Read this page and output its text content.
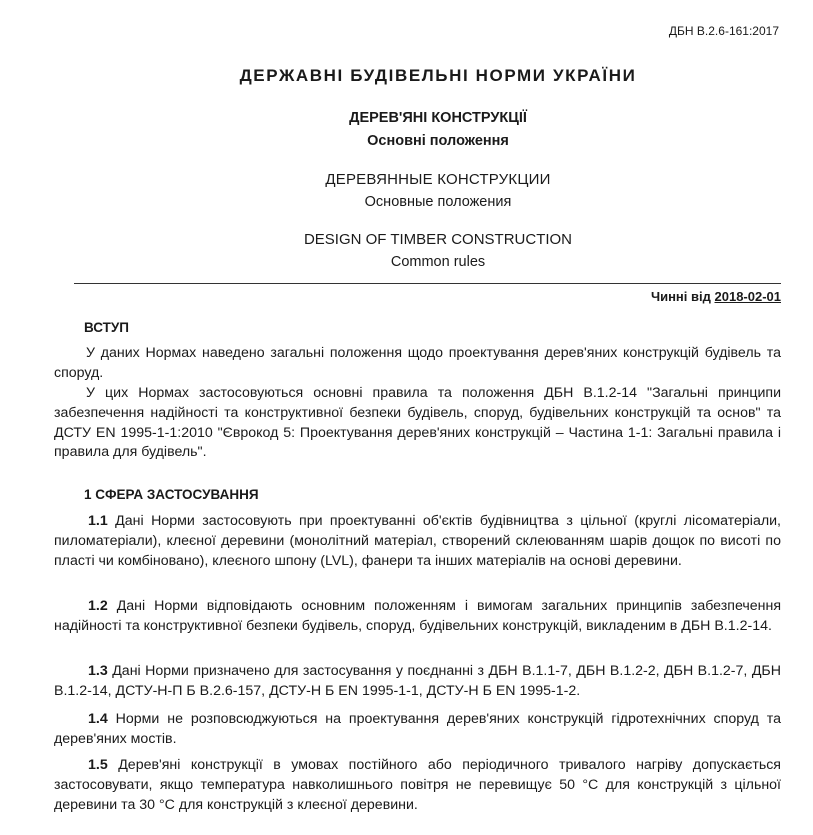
ДБН В.2.6-161:2017
ДЕРЖАВНІ БУДІВЕЛЬНІ НОРМИ УКРАЇНИ
ДЕРЕВ'ЯНІ КОНСТРУКЦІЇ
Основні положення
ДЕРЕВЯННЫЕ КОНСТРУКЦИИ
Основные положения
DESIGN OF TIMBER CONSTRUCTION
Common rules
Чинні від 2018-02-01
ВСТУП
У даних Нормах наведено загальні положення щодо проектування дерев'яних конструкцій будівель та споруд.
У цих Нормах застосовуються основні правила та положення ДБН В.1.2-14 "Загальні принципи забезпечення надійності та конструктивної безпеки будівель, споруд, будівельних конструкцій та основ" та ДСТУ EN 1995-1-1:2010 "Єврокод 5: Проектування дерев'яних конструкцій – Частина 1-1: Загальні правила і правила для будівель".
1 СФЕРА ЗАСТОСУВАННЯ
1.1 Дані Норми застосовують при проектуванні об'єктів будівництва з цільної (круглі лісоматеріали, пиломатеріали), клеєної деревини (монолітний матеріал, створений склеюванням шарів дощок по висоті по пласті чи комбіновано), клеєного шпону (LVL), фанери та інших матеріалів на основі деревини.
1.2 Дані Норми відповідають основним положенням і вимогам загальних принципів забезпечення надійності та конструктивної безпеки будівель, споруд, будівельних конструкцій, викладеним в ДБН В.1.2-14.
1.3 Дані Норми призначено для застосування у поєднанні з ДБН В.1.1-7, ДБН В.1.2-2, ДБН В.1.2-7, ДБН В.1.2-14, ДСТУ-Н-П Б В.2.6-157, ДСТУ-Н Б EN 1995-1-1, ДСТУ-Н Б EN 1995-1-2.
1.4 Норми не розповсюджуються на проектування дерев'яних конструкцій гідротехнічних споруд та дерев'яних мостів.
1.5 Дерев'яні конструкції в умовах постійного або періодичного тривалого нагріву допускається застосовувати, якщо температура навколишнього повітря не перевищує 50 °С для конструкцій з цільної деревини та 30 °С для конструкцій з клеєної деревини.
